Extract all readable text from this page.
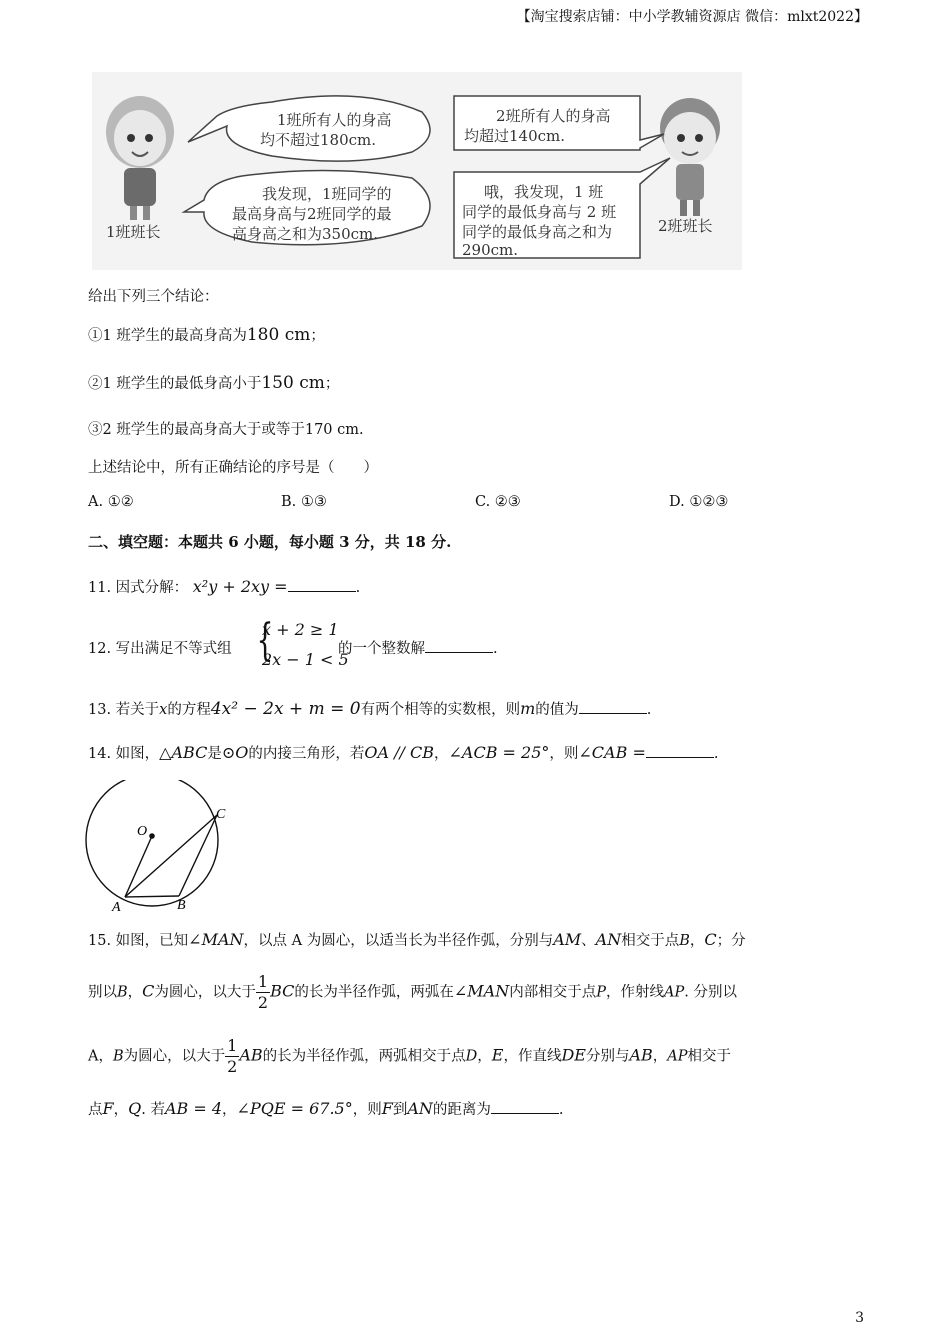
【淘宝搜索店铺：中小学教辅资源店 微信：mlxt2022】
1班所有人的身高
均不超过180cm.
我发现，1班同学的
最高身高与2班同学的最
高身高之和为350cm.
2班所有人的身高
均超过140cm.
哦，我发现，1 班
同学的最低身高与 2 班
同学的最低身高之和为
290cm.
1班班长	2班班长
给出下列三个结论：
①1 班学生的最高身高为180 cm；
②1 班学生的最低身高小于150 cm；
③2 班学生的最高身高大于或等于170 cm.
上述结论中，所有正确结论的序号是（　　）
A. ①②	B. ①③	C. ②③	D. ①②③
二、填空题：本题共 6 小题，每小题 3 分，共 18 分.
11. 因式分解： x²y + 2xy =	.
12. 写出满足不等式组 {
x + 2 ≥ 1
2x − 1 < 5
的一个整数解	.
13. 若关于x的方程4x² − 2x + m = 0有两个相等的实数根，则m的值为	.
14. 如图，△ABC是⊙O的内接三角形，若OA // CB，∠ACB = 25°，则∠CAB =	.
O
A	B
C
15. 如图，已知∠MAN，以点 A 为圆心，以适当长为半径作弧，分别与AM、AN相交于点B，C；分
别以B，C为圆心，以大于 $\frac{1}{2}$ BC的长为半径作弧，两弧在∠MAN内部相交于点P，作射线AP. 分别以
A，B为圆心，以大于 $\frac{1}{2}$ AB的长为半径作弧，两弧相交于点D，E，作直线DE分别与AB，AP相交于
点F，Q. 若AB = 4，∠PQE = 67.5°，则F到AN的距离为	.
3
